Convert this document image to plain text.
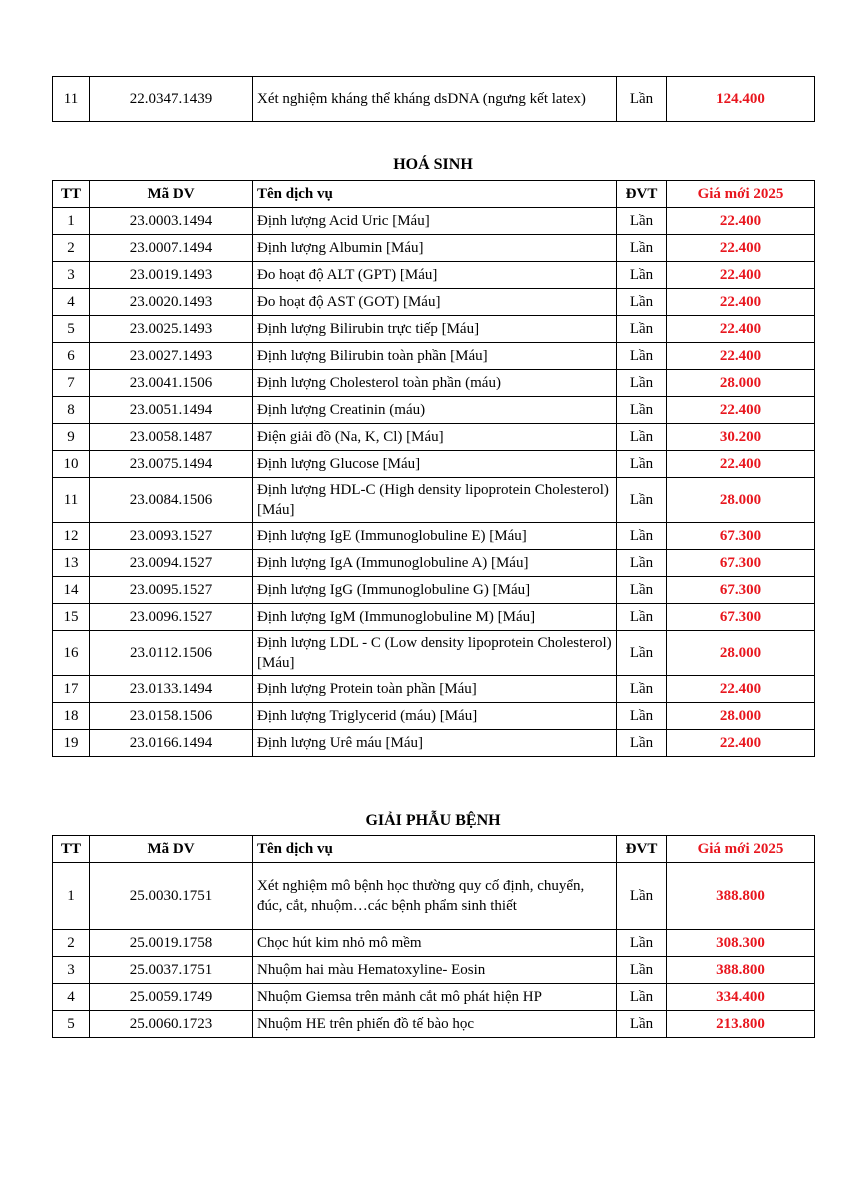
11	22.0347.1439	Xét nghiệm kháng thể kháng dsDNA (ngưng kết latex)	Lần	124.400
HOÁ SINH
TT	Mã DV	Tên dịch vụ	ĐVT	Giá mới 2025
1	23.0003.1494	Định lượng Acid Uric [Máu]	Lần	22.400
2	23.0007.1494	Định lượng Albumin [Máu]	Lần	22.400
3	23.0019.1493	Đo hoạt độ ALT (GPT) [Máu]	Lần	22.400
4	23.0020.1493	Đo hoạt độ AST (GOT) [Máu]	Lần	22.400
5	23.0025.1493	Định lượng Bilirubin trực tiếp [Máu]	Lần	22.400
6	23.0027.1493	Định lượng Bilirubin toàn phần [Máu]	Lần	22.400
7	23.0041.1506	Định lượng Cholesterol toàn phần (máu)	Lần	28.000
8	23.0051.1494	Định lượng Creatinin (máu)	Lần	22.400
9	23.0058.1487	Điện giải đồ (Na, K, Cl) [Máu]	Lần	30.200
10	23.0075.1494	Định lượng Glucose [Máu]	Lần	22.400
11	23.0084.1506	Định lượng HDL-C (High density lipoprotein Cholesterol) [Máu]	Lần	28.000
12	23.0093.1527	Định lượng IgE (Immunoglobuline E) [Máu]	Lần	67.300
13	23.0094.1527	Định lượng IgA (Immunoglobuline A) [Máu]	Lần	67.300
14	23.0095.1527	Định lượng IgG (Immunoglobuline G) [Máu]	Lần	67.300
15	23.0096.1527	Định lượng IgM (Immunoglobuline M) [Máu]	Lần	67.300
16	23.0112.1506	Định lượng LDL - C (Low density lipoprotein Cholesterol) [Máu]	Lần	28.000
17	23.0133.1494	Định lượng Protein toàn phần [Máu]	Lần	22.400
18	23.0158.1506	Định lượng Triglycerid (máu) [Máu]	Lần	28.000
19	23.0166.1494	Định lượng Urê máu [Máu]	Lần	22.400
GIẢI PHẪU BỆNH
TT	Mã DV	Tên dịch vụ	ĐVT	Giá mới 2025
1	25.0030.1751	Xét nghiệm mô bệnh học thường quy cố định, chuyển, đúc, cắt, nhuộm…các bệnh phẩm sinh thiết	Lần	388.800
2	25.0019.1758	Chọc hút kim nhỏ mô mềm	Lần	308.300
3	25.0037.1751	Nhuộm hai màu Hematoxyline- Eosin	Lần	388.800
4	25.0059.1749	Nhuộm Giemsa trên mảnh cắt mô phát hiện HP	Lần	334.400
5	25.0060.1723	Nhuộm HE trên phiến đồ tế bào học	Lần	213.800
